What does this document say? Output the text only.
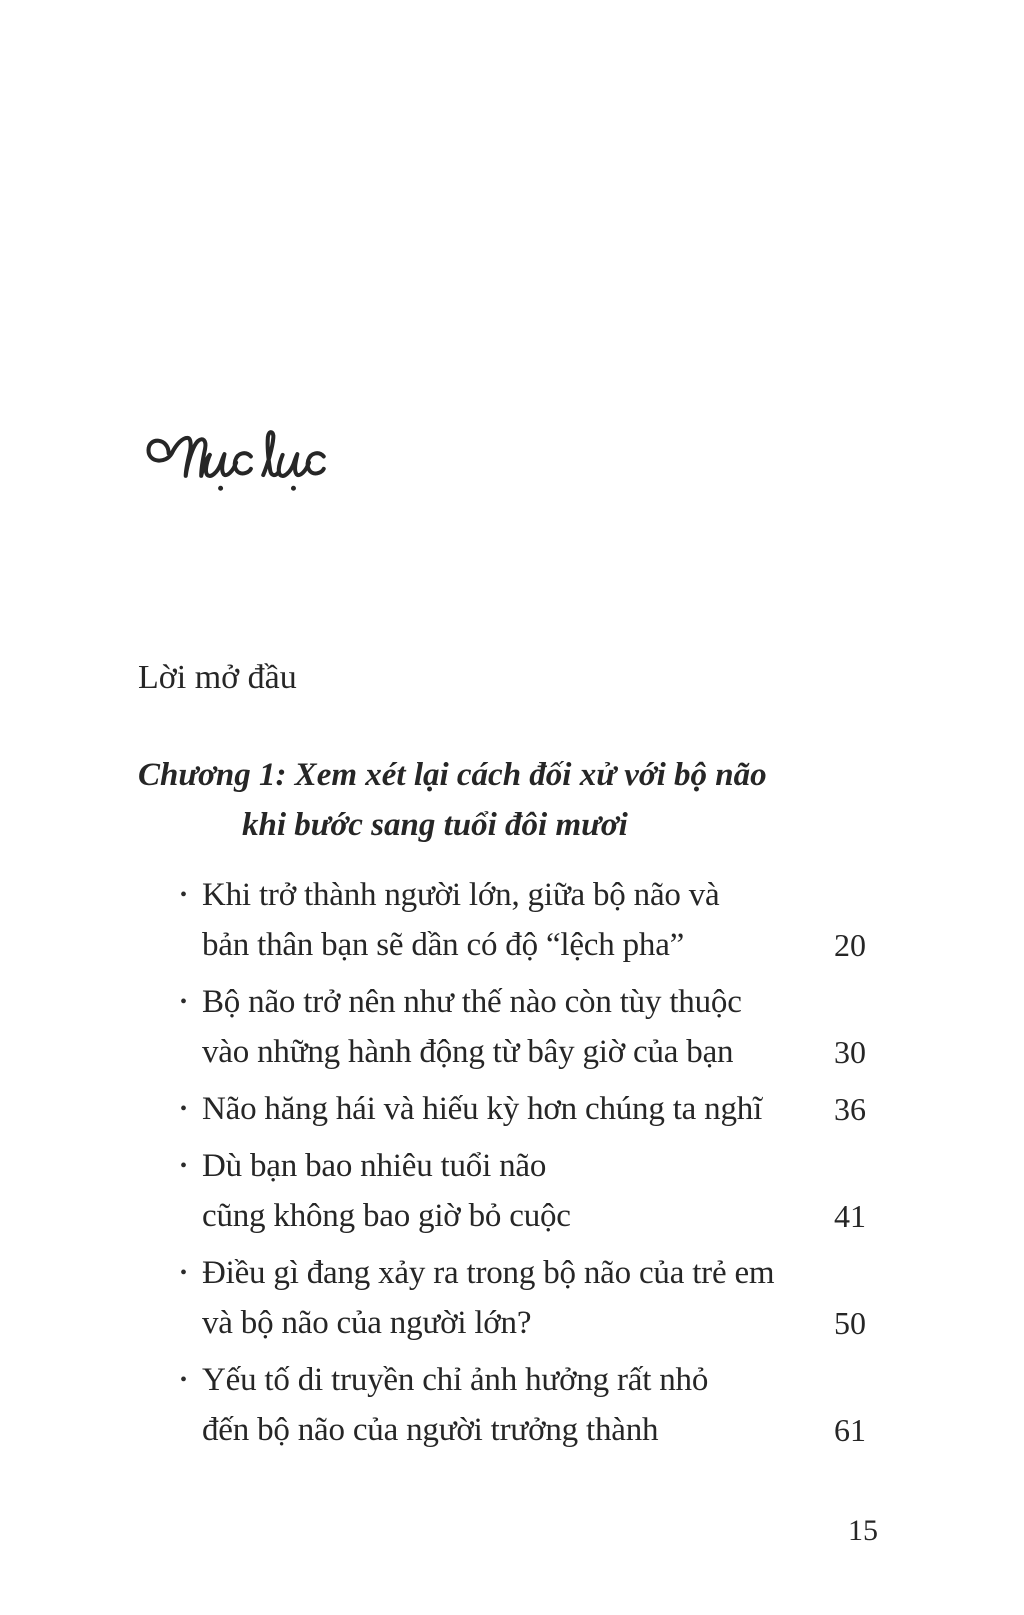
Lời mở đầu
Chương 1: Xem xét lại cách đối xử với bộ não
khi bước sang tuổi đôi mươi
• Khi trở thành người lớn, giữa bộ não và
bản thân bạn sẽ dần có độ “lệch pha”	20
• Bộ não trở nên như thế nào còn tùy thuộc
vào những hành động từ bây giờ của bạn	30
• Não hăng hái và hiếu kỳ hơn chúng ta nghĩ	36
• Dù bạn bao nhiêu tuổi não
cũng không bao giờ bỏ cuộc	41
• Điều gì đang xảy ra trong bộ não của trẻ em
và bộ não của người lớn?	50
• Yếu tố di truyền chỉ ảnh hưởng rất nhỏ
đến bộ não của người trưởng thành	61
15
